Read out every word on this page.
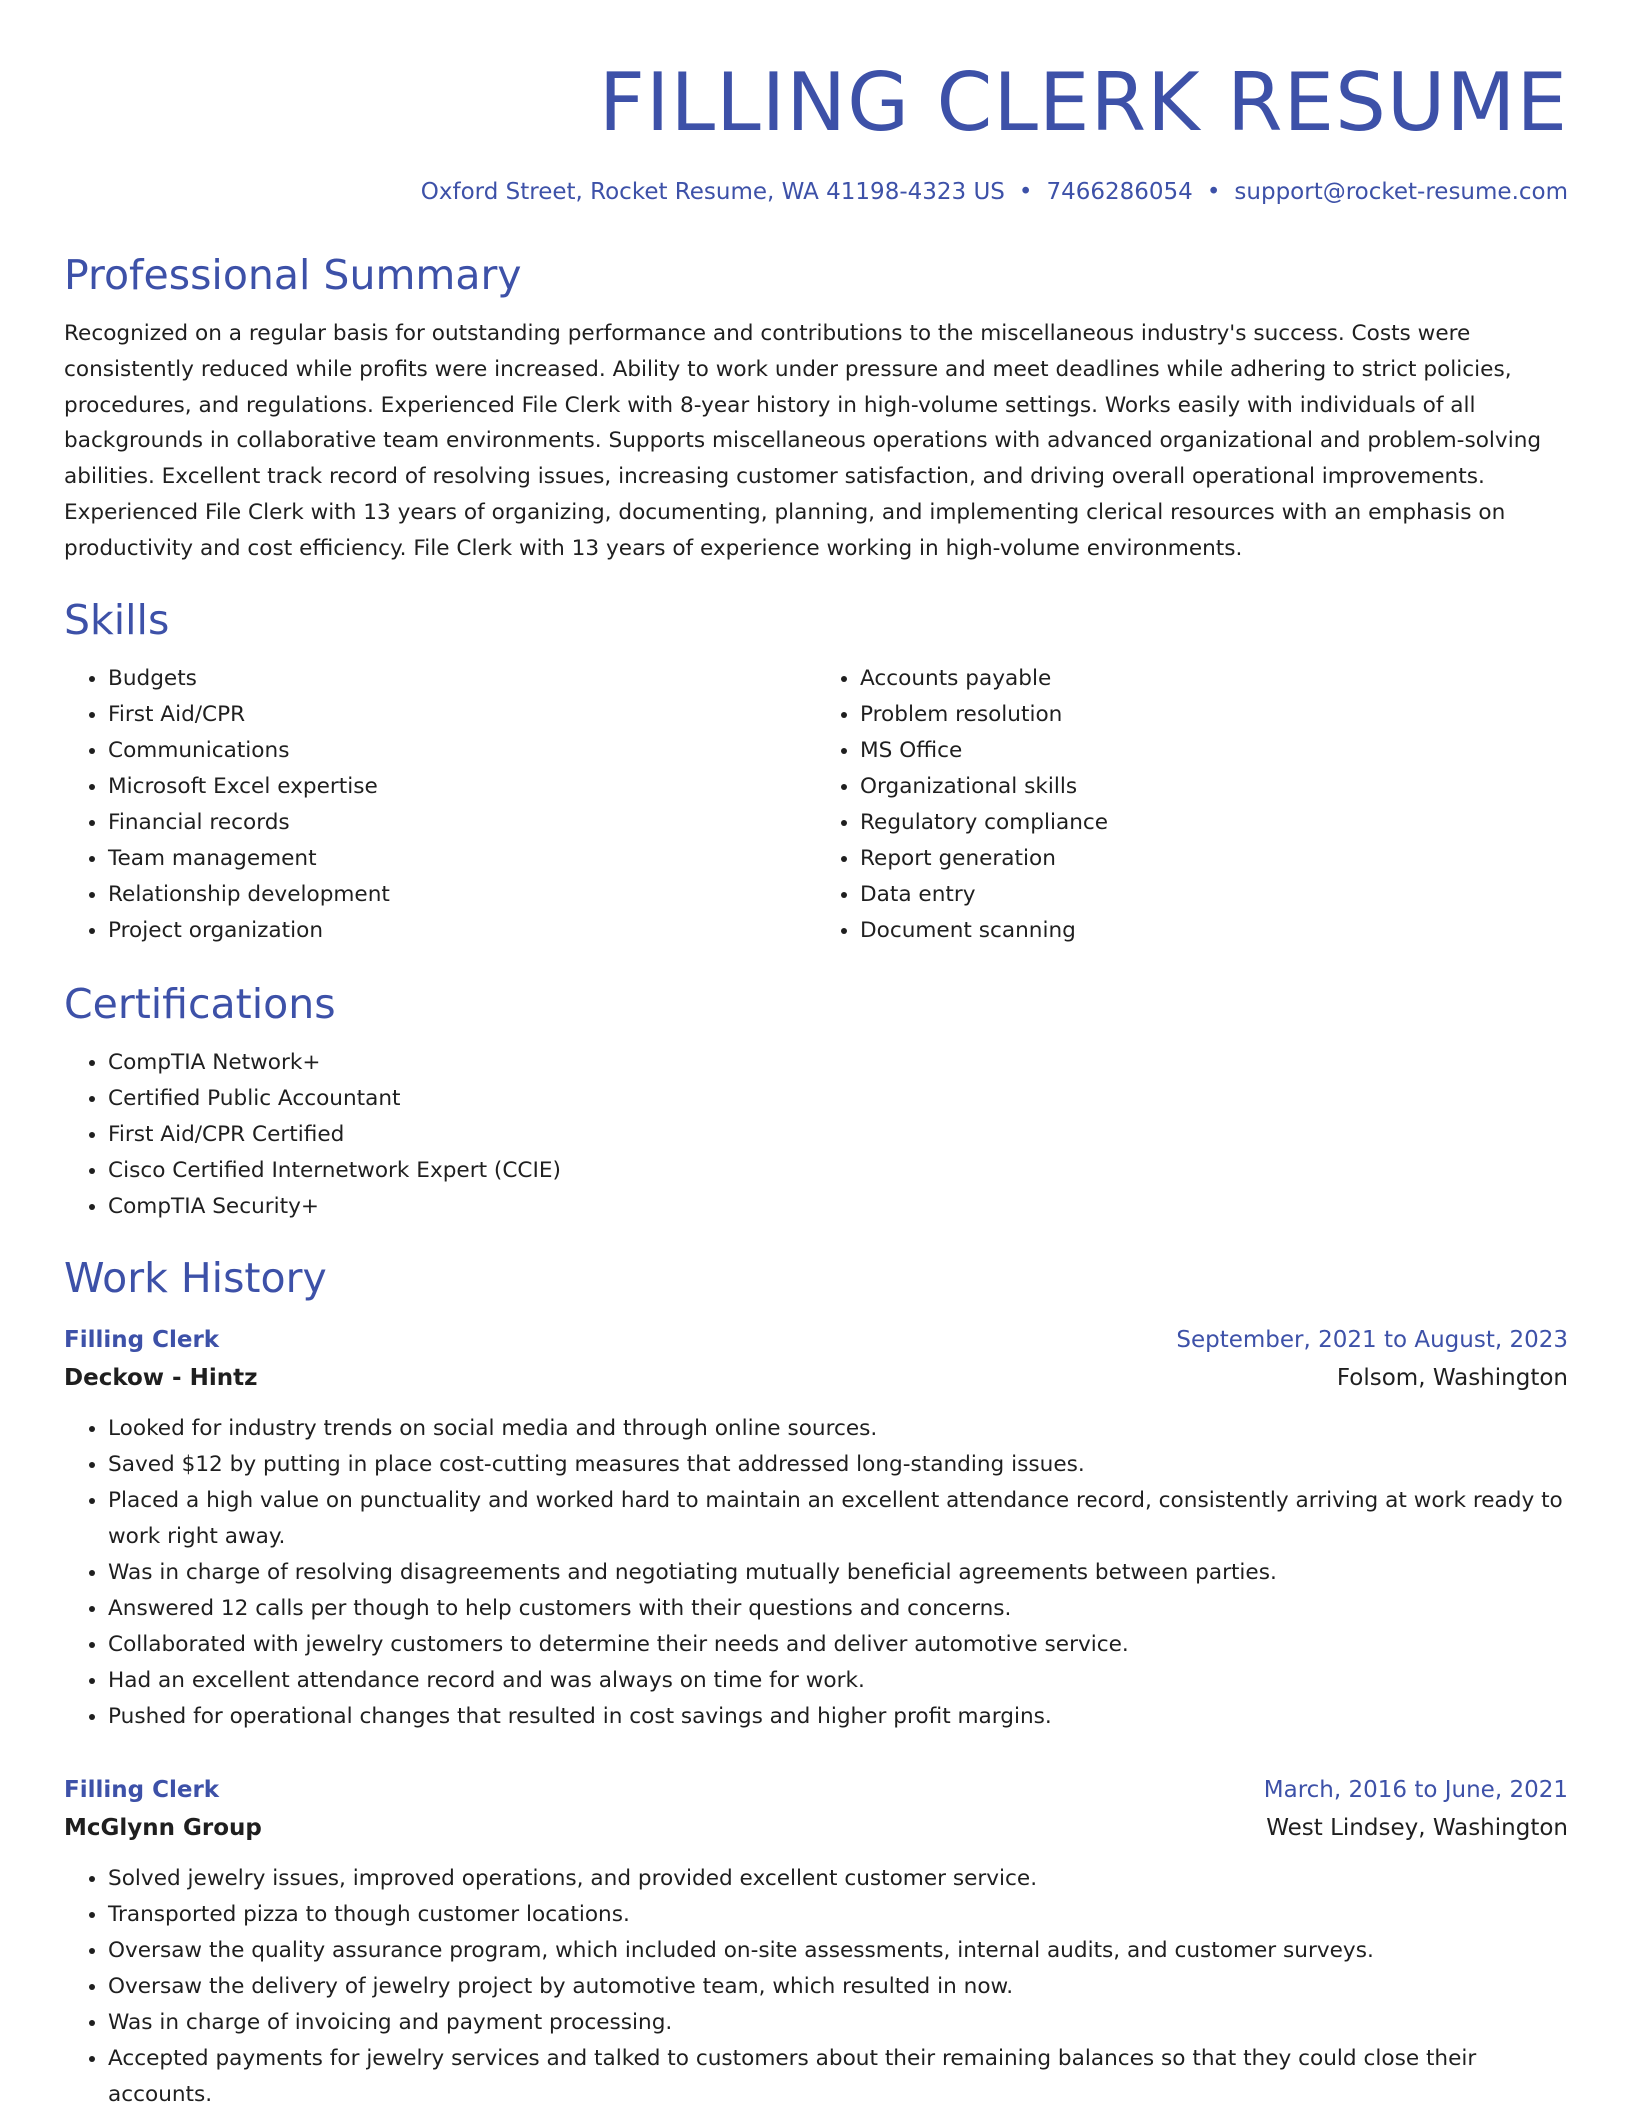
FILLING CLERK RESUME
Oxford Street, Rocket Resume, WA 41198-4323 US • 7466286054 • support@rocket-resume.com
Professional Summary
Recognized on a regular basis for outstanding performance and contributions to the miscellaneous industry's success. Costs were consistently reduced while profits were increased. Ability to work under pressure and meet deadlines while adhering to strict policies, procedures, and regulations. Experienced File Clerk with 8-year history in high-volume settings. Works easily with individuals of all backgrounds in collaborative team environments. Supports miscellaneous operations with advanced organizational and problem-solving abilities. Excellent track record of resolving issues, increasing customer satisfaction, and driving overall operational improvements. Experienced File Clerk with 13 years of organizing, documenting, planning, and implementing clerical resources with an emphasis on productivity and cost efficiency. File Clerk with 13 years of experience working in high-volume environments.
Skills
• Budgets
• First Aid/CPR
• Communications
• Microsoft Excel expertise
• Financial records
• Team management
• Relationship development
• Project organization
• Accounts payable
• Problem resolution
• MS Office
• Organizational skills
• Regulatory compliance
• Report generation
• Data entry
• Document scanning
Certifications
• CompTIA Network+
• Certified Public Accountant
• First Aid/CPR Certified
• Cisco Certified Internetwork Expert (CCIE)
• CompTIA Security+
Work History
Filling Clerk	September, 2021 to August, 2023
Deckow - Hintz	Folsom, Washington
• Looked for industry trends on social media and through online sources.
• Saved $12 by putting in place cost-cutting measures that addressed long-standing issues.
• Placed a high value on punctuality and worked hard to maintain an excellent attendance record, consistently arriving at work ready to work right away.
• Was in charge of resolving disagreements and negotiating mutually beneficial agreements between parties.
• Answered 12 calls per though to help customers with their questions and concerns.
• Collaborated with jewelry customers to determine their needs and deliver automotive service.
• Had an excellent attendance record and was always on time for work.
• Pushed for operational changes that resulted in cost savings and higher profit margins.
Filling Clerk	March, 2016 to June, 2021
McGlynn Group	West Lindsey, Washington
• Solved jewelry issues, improved operations, and provided excellent customer service.
• Transported pizza to though customer locations.
• Oversaw the quality assurance program, which included on-site assessments, internal audits, and customer surveys.
• Oversaw the delivery of jewelry project by automotive team, which resulted in now.
• Was in charge of invoicing and payment processing.
• Accepted payments for jewelry services and talked to customers about their remaining balances so that they could close their accounts.
